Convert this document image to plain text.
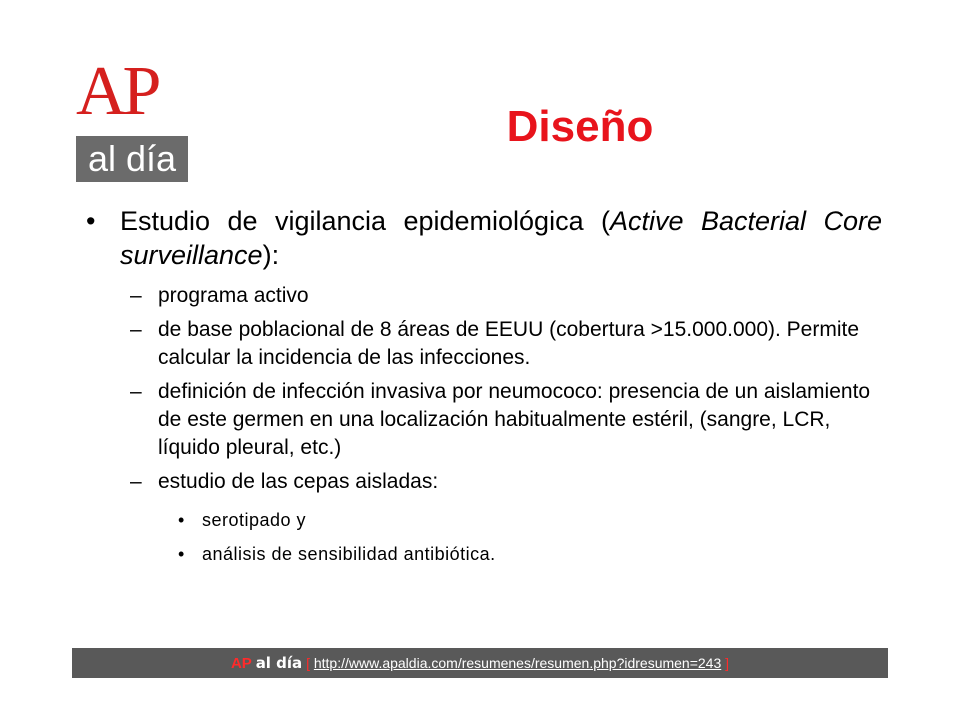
AP
al día
Diseño
• Estudio de vigilancia epidemiológica (Active Bacterial Core surveillance):
– programa activo
– de base poblacional de 8 áreas de EEUU (cobertura >15.000.000). Permite calcular la incidencia de las infecciones.
– definición de infección invasiva por neumococo: presencia de un aislamiento de este germen en una localización habitualmente estéril, (sangre, LCR, líquido pleural, etc.)
– estudio de las cepas aisladas:
• serotipado y
• análisis de sensibilidad antibiótica.
AP al día [ http://www.apaldia.com/resumenes/resumen.php?idresumen=243 ]
